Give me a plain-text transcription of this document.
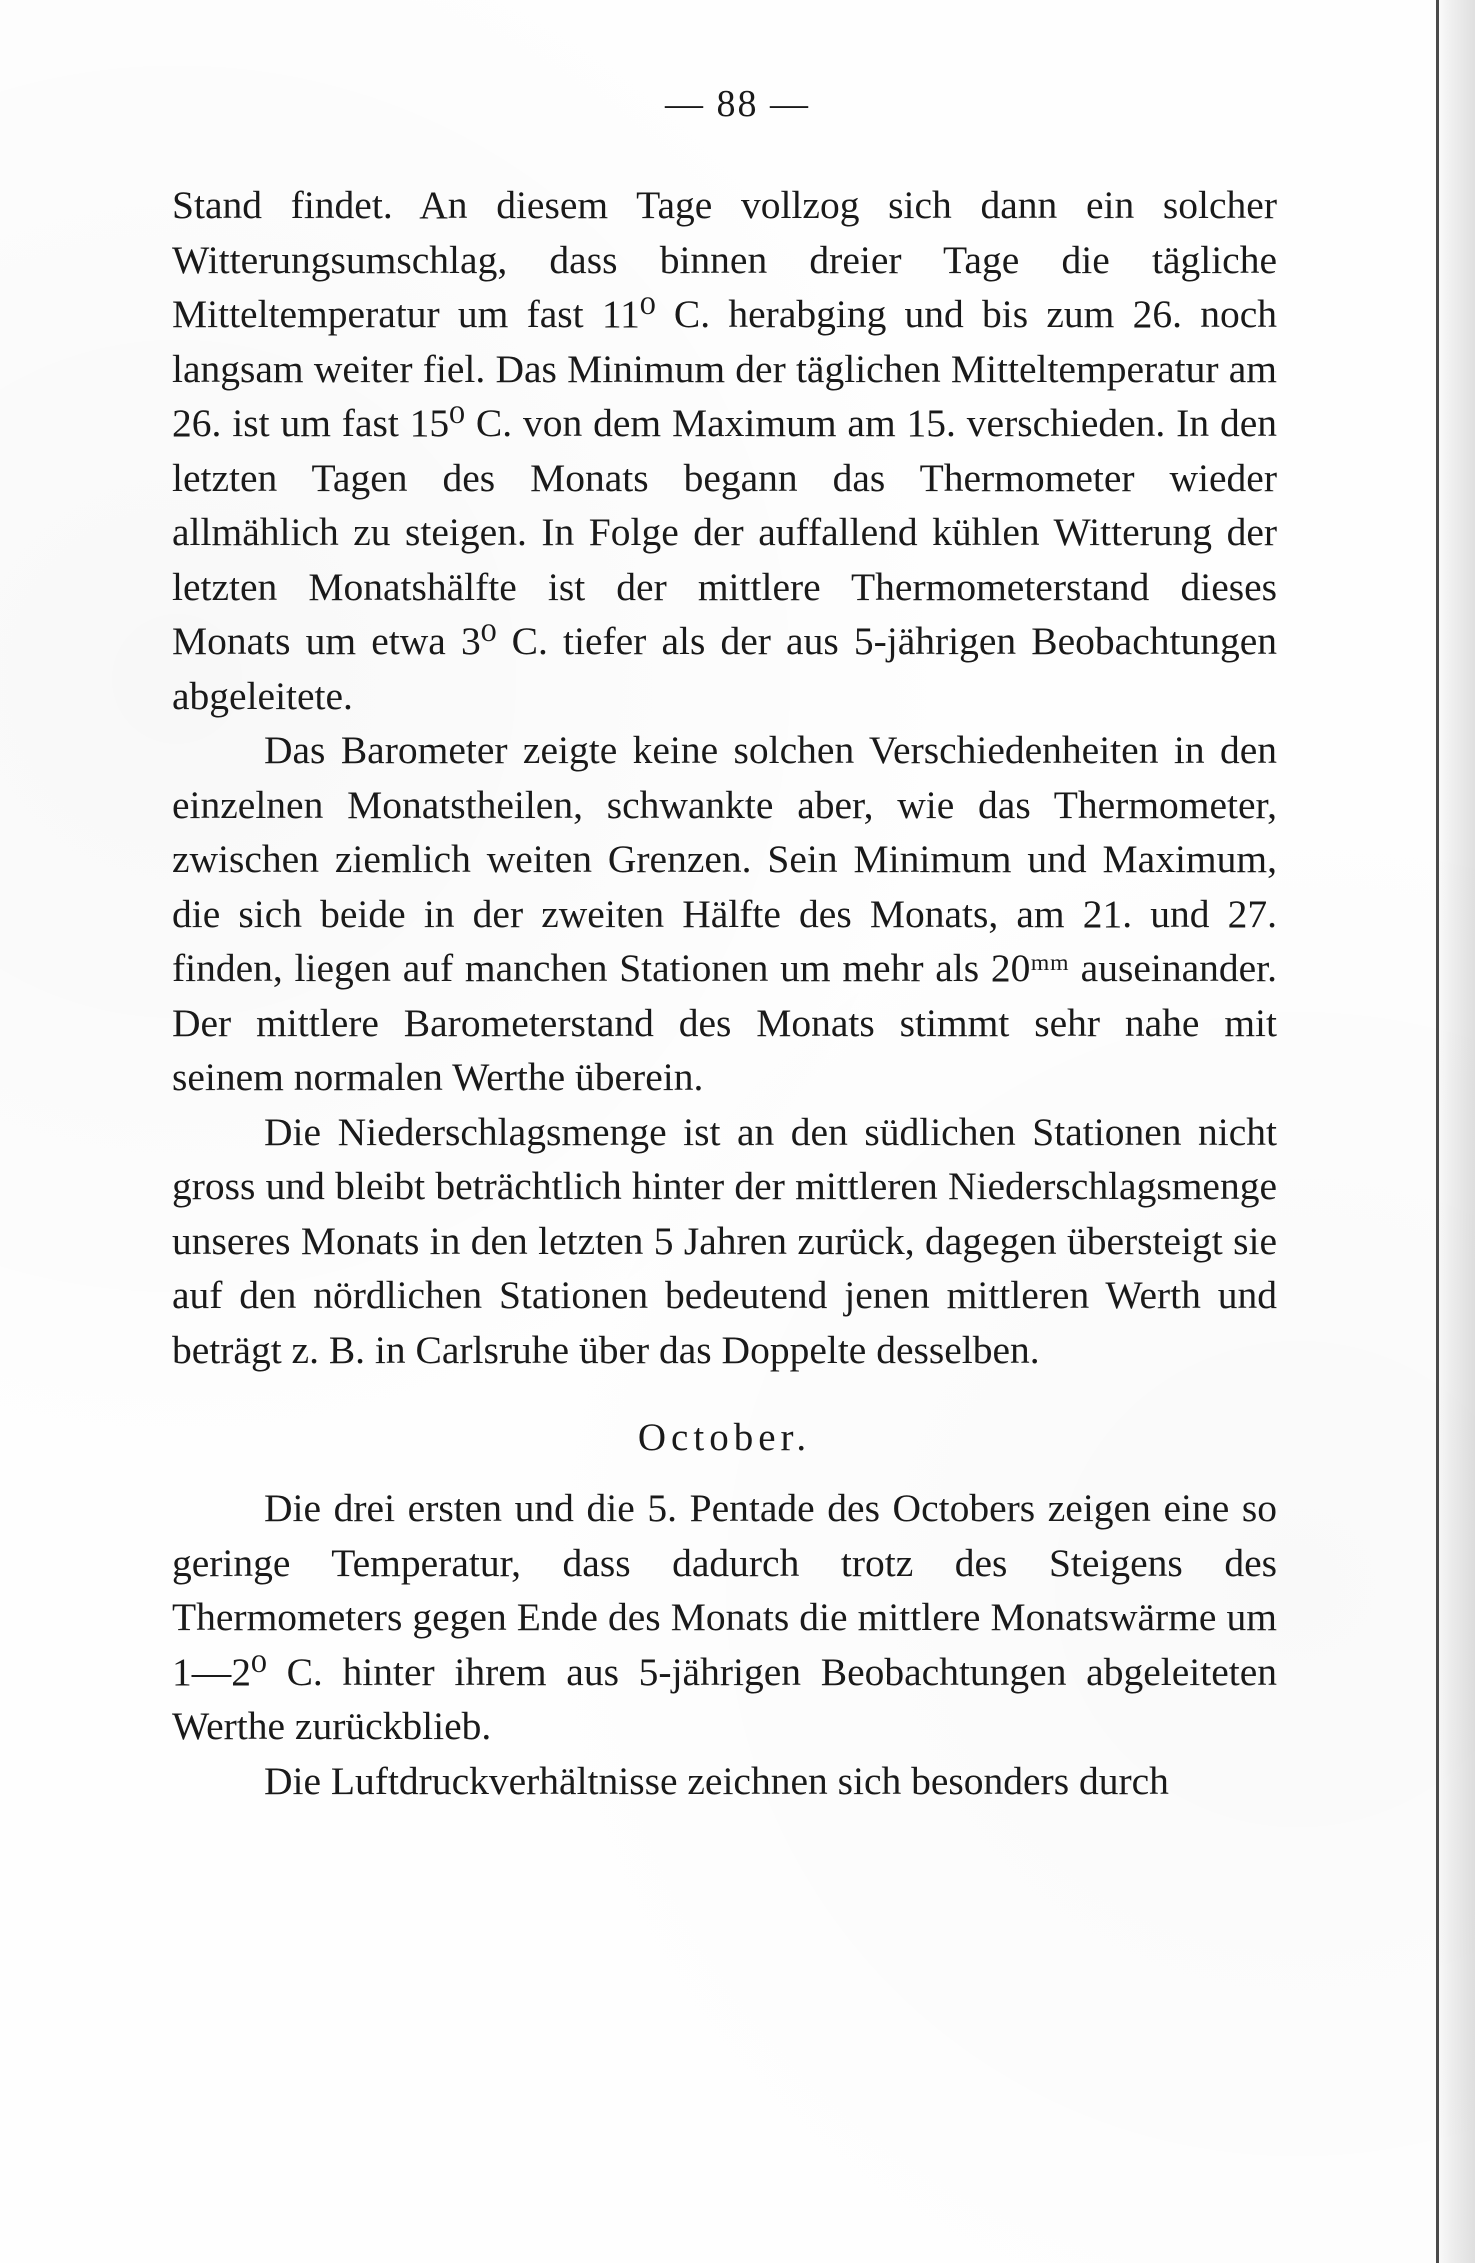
— 88 —

Stand findet. An diesem Tage vollzog sich dann ein solcher Witterungsumschlag, dass binnen dreier Tage die tägliche Mitteltemperatur um fast 11⁰ C. herabging und bis zum 26. noch langsam weiter fiel. Das Minimum der täglichen Mitteltemperatur am 26. ist um fast 15⁰ C. von dem Maximum am 15. verschieden. In den letzten Tagen des Monats begann das Thermometer wieder allmählich zu steigen. In Folge der auffallend kühlen Witterung der letzten Monatshälfte ist der mittlere Thermometerstand dieses Monats um etwa 3⁰ C. tiefer als der aus 5-jährigen Beobachtungen abgeleitete.

Das Barometer zeigte keine solchen Verschiedenheiten in den einzelnen Monatstheilen, schwankte aber, wie das Thermometer, zwischen ziemlich weiten Grenzen. Sein Minimum und Maximum, die sich beide in der zweiten Hälfte des Monats, am 21. und 27. finden, liegen auf manchen Stationen um mehr als 20ᵐᵐ auseinander. Der mittlere Barometerstand des Monats stimmt sehr nahe mit seinem normalen Werthe überein.

Die Niederschlagsmenge ist an den südlichen Stationen nicht gross und bleibt beträchtlich hinter der mittleren Niederschlagsmenge unseres Monats in den letzten 5 Jahren zurück, dagegen übersteigt sie auf den nördlichen Stationen bedeutend jenen mittleren Werth und beträgt z. B. in Carlsruhe über das Doppelte desselben.

October.

Die drei ersten und die 5. Pentade des Octobers zeigen eine so geringe Temperatur, dass dadurch trotz des Steigens des Thermometers gegen Ende des Monats die mittlere Monatswärme um 1—2⁰ C. hinter ihrem aus 5-jährigen Beobachtungen abgeleiteten Werthe zurückblieb.

Die Luftdruckverhältnisse zeichnen sich besonders durch
